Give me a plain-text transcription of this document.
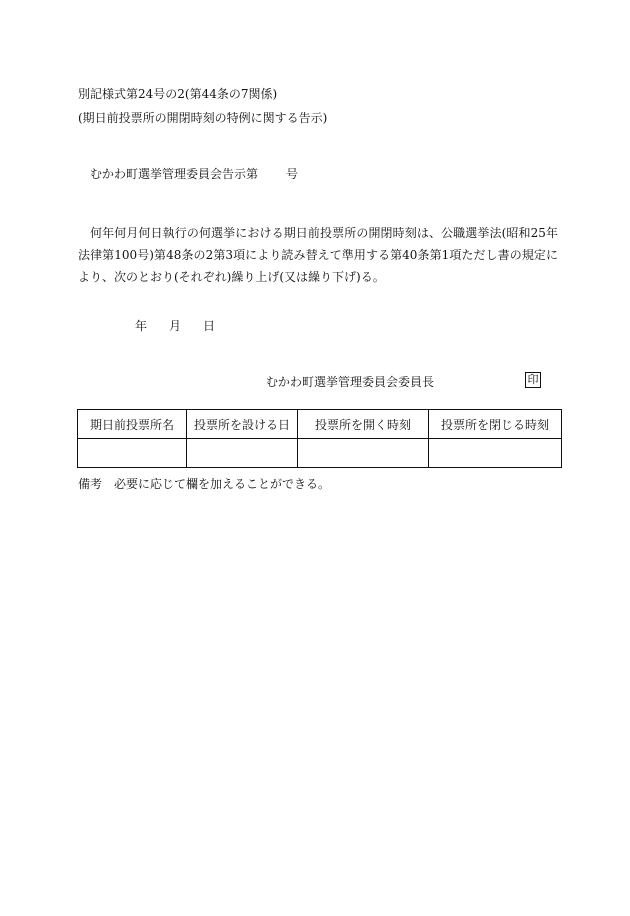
別記様式第24号の2(第44条の7関係)
(期日前投票所の開閉時刻の特例に関する告示)
むかわ町選挙管理委員会告示第 号
何年何月何日執行の何選挙における期日前投票所の開閉時刻は、公職選挙法(昭和25年法律第100号)第48条の2第3項により読み替えて準用する第40条第1項ただし書の規定により、次のとおり(それぞれ)繰り上げ(又は繰り下げ)る。
年 月 日
むかわ町選挙管理委員会委員長	印
期日前投票所名	投票所を設ける日	投票所を開く時刻	投票所を閉じる時刻

備考 必要に応じて欄を加えることができる。
